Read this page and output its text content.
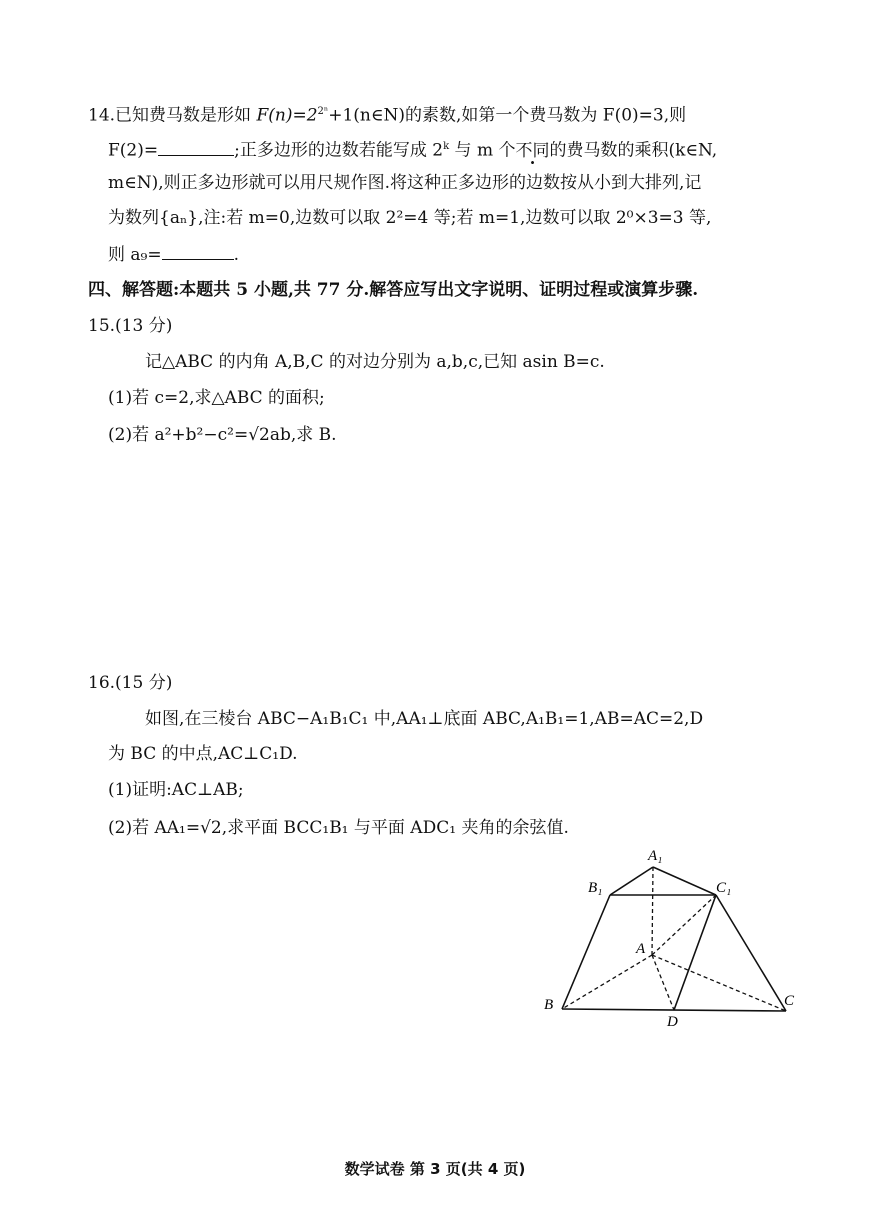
14.已知费马数是形如 $F(n)=2^{2^n}+1(n\in N)$的素数,如第一个费马数为 F(0)=3,则
F(2)=	;正多边形的边数若能写成 2$^k$ 与 m 个不同的费马数的乘积(k∈N,
m∈N),则正多边形就可以用尺规作图.将这种正多边形的边数按从小到大排列,记
为数列{aₙ},注:若 m=0,边数可以取 2²=4 等;若 m=1,边数可以取 2⁰×3=3 等,
则 a₉=	.
四、解答题:本题共 5 小题,共 77 分.解答应写出文字说明、证明过程或演算步骤.
15.(13 分)
记△ABC 的内角 A,B,C 的对边分别为 a,b,c,已知 asin B=c.
(1)若 c=2,求△ABC 的面积;
(2)若 a²+b²−c²=√2ab,求 B.
16.(15 分)
如图,在三棱台 ABC−A₁B₁C₁ 中,AA₁⊥底面 ABC,A₁B₁=1,AB=AC=2,D
为 BC 的中点,AC⊥C₁D.
(1)证明:AC⊥AB;
(2)若 AA₁=√2,求平面 BCC₁B₁ 与平面 ADC₁ 夹角的余弦值.
A₁
B₁	C₁
A
B	C
D
数学试卷 第 3 页(共 4 页)
